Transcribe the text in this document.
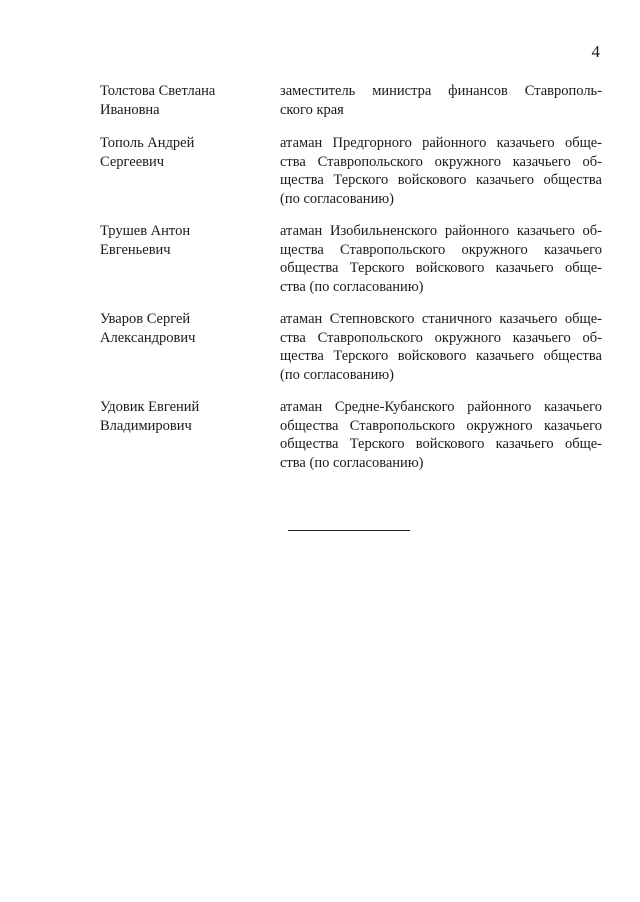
4
Толстова Светлана
Ивановна
заместитель министра финансов Ставрополь-
ского края
Тополь Андрей
Сергеевич
атаман Предгорного районного казачьего обще-
ства Ставропольского окружного казачьего об-
щества Терского войскового казачьего общества
(по согласованию)
Трушев Антон
Евгеньевич
атаман Изобильненского районного казачьего об-
щества Ставропольского окружного казачьего
общества Терского войскового казачьего обще-
ства (по согласованию)
Уваров Сергей
Александрович
атаман Степновского станичного казачьего обще-
ства Ставропольского окружного казачьего об-
щества Терского войскового казачьего общества
(по согласованию)
Удовик Евгений
Владимирович
атаман Средне-Кубанского районного казачьего
общества Ставропольского окружного казачьего
общества Терского войскового казачьего обще-
ства (по согласованию)
